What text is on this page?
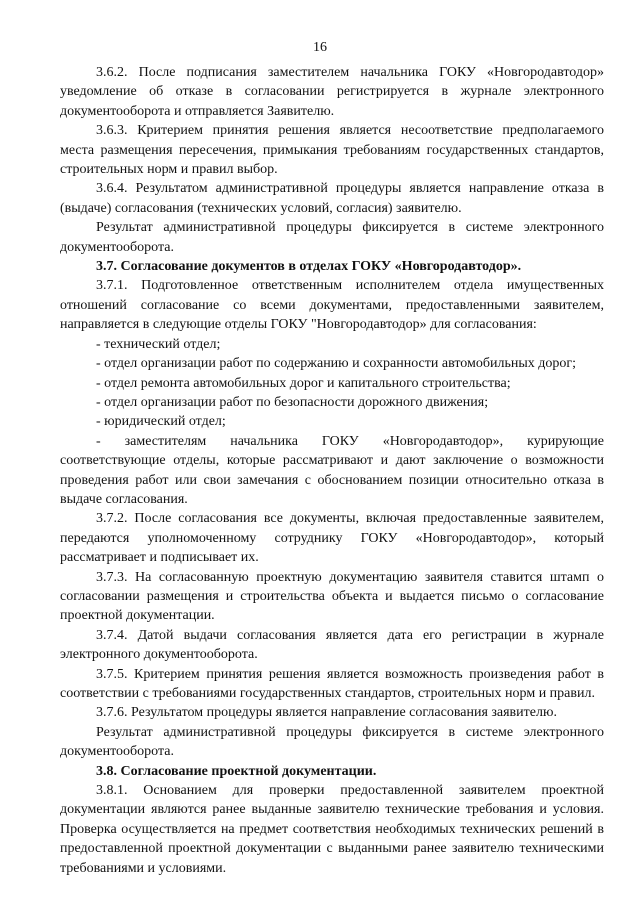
16

3.6.2. После подписания заместителем начальника ГОКУ «Новгородавтодор» уведомление об отказе в согласовании регистрируется в журнале электронного документооборота и отправляется Заявителю.

3.6.3. Критерием принятия решения является несоответствие предполагаемого места размещения пересечения, примыкания требованиям государственных стандартов, строительных норм и правил выбор.

3.6.4. Результатом административной процедуры является направление отказа в (выдаче) согласования (технических условий, согласия) заявителю.

Результат административной процедуры фиксируется в системе электронного документооборота.

3.7. Согласование документов в отделах ГОКУ «Новгородавтодор».

3.7.1. Подготовленное ответственным исполнителем отдела имущественных отношений согласование со всеми документами, предоставленными заявителем, направляется в следующие отделы ГОКУ "Новгородавтодор» для согласования:

- технический отдел;

- отдел организации работ по содержанию и сохранности автомобильных дорог;

- отдел ремонта автомобильных дорог и капитального строительства;

- отдел организации работ по безопасности дорожного движения;

- юридический отдел;

- заместителям начальника ГОКУ «Новгородавтодор», курирующие соответствующие отделы, которые рассматривают и дают заключение о возможности проведения работ или свои замечания с обоснованием позиции относительно отказа в выдаче согласования.

3.7.2. После согласования все документы, включая предоставленные заявителем, передаются уполномоченному сотруднику ГОКУ «Новгородавтодор», который рассматривает и подписывает их.

3.7.3. На согласованную проектную документацию заявителя ставится штамп о согласовании размещения и строительства объекта и выдается письмо о согласование проектной документации.

3.7.4. Датой выдачи согласования является дата его регистрации в журнале электронного документооборота.

3.7.5. Критерием принятия решения является возможность произведения работ в соответствии с требованиями государственных стандартов, строительных норм и правил.

3.7.6. Результатом процедуры является направление согласования заявителю.

Результат административной процедуры фиксируется в системе электронного документооборота.

3.8. Согласование проектной документации.

3.8.1. Основанием для проверки предоставленной заявителем проектной документации являются ранее выданные заявителю технические требования и условия. Проверка осуществляется на предмет соответствия необходимых технических решений в предоставленной проектной документации с выданными ранее заявителю техническими требованиями и условиями.
